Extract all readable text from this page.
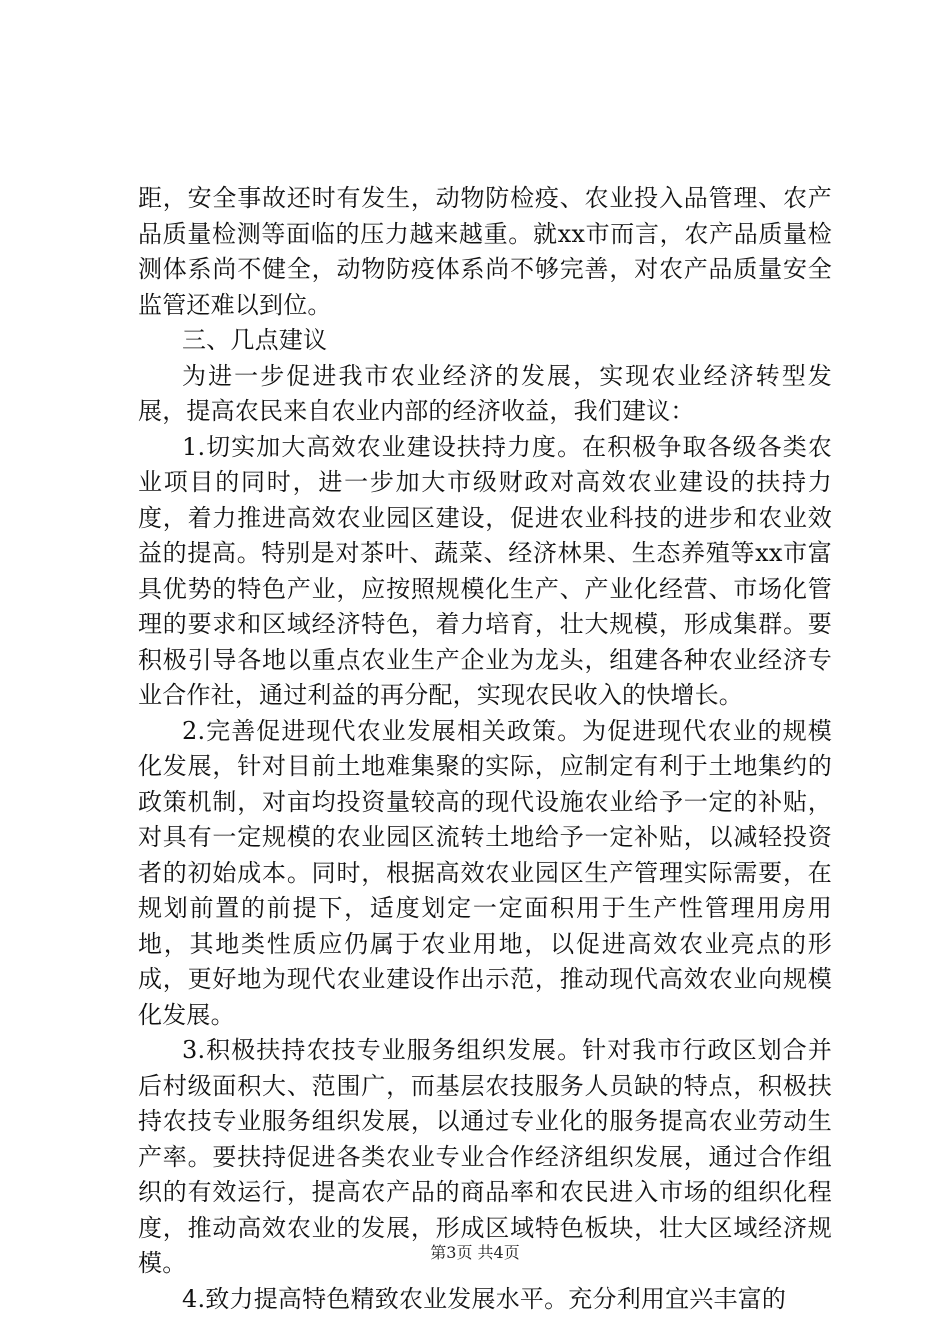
距，安全事故还时有发生，动物防检疫、农业投入品管理、农产品质量检测等面临的压力越来越重。就xx市而言，农产品质量检测体系尚不健全，动物防疫体系尚不够完善，对农产品质量安全监管还难以到位。

三、几点建议

为进一步促进我市农业经济的发展，实现农业经济转型发展，提高农民来自农业内部的经济收益，我们建议：

1.切实加大高效农业建设扶持力度。在积极争取各级各类农业项目的同时，进一步加大市级财政对高效农业建设的扶持力度，着力推进高效农业园区建设，促进农业科技的进步和农业效益的提高。特别是对茶叶、蔬菜、经济林果、生态养殖等xx市富具优势的特色产业，应按照规模化生产、产业化经营、市场化管理的要求和区域经济特色，着力培育，壮大规模，形成集群。要积极引导各地以重点农业生产企业为龙头，组建各种农业经济专业合作社，通过利益的再分配，实现农民收入的快增长。

2.完善促进现代农业发展相关政策。为促进现代农业的规模化发展，针对目前土地难集聚的实际，应制定有利于土地集约的政策机制，对亩均投资量较高的现代设施农业给予一定的补贴，对具有一定规模的农业园区流转土地给予一定补贴，以减轻投资者的初始成本。同时，根据高效农业园区生产管理实际需要，在规划前置的前提下，适度划定一定面积用于生产性管理用房用地，其地类性质应仍属于农业用地，以促进高效农业亮点的形成，更好地为现代农业建设作出示范，推动现代高效农业向规模化发展。

3.积极扶持农技专业服务组织发展。针对我市行政区划合并后村级面积大、范围广，而基层农技服务人员缺的特点，积极扶持农技专业服务组织发展，以通过专业化的服务提高农业劳动生产率。要扶持促进各类农业专业合作经济组织发展，通过合作组织的有效运行，提高农产品的商品率和农民进入市场的组织化程度，推动高效农业的发展，形成区域特色板块，壮大区域经济规模。

4.致力提高特色精致农业发展水平。充分利用宜兴丰富的

第3页 共4页
